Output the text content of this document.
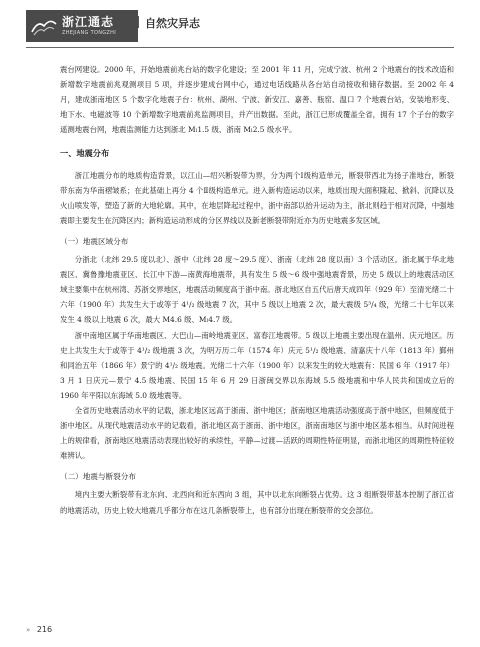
浙江通志
ZHEJIANG TONGZHI
自然灾异志

震台网建设。2000 年，开始地震前兆台站的数字化建设；至 2001 年 11 月，完成宁波、杭州 2 个地震台的技术改造和新增数字地震前兆观测项目 5 项，并逐步建成台网中心，通过电话线路从各台站自动接收和储存数据。至 2002 年 4 月，建成浙南地区 5 个数字化地震子台：杭州、湖州、宁波、新安江、嘉善、瓶窑、温口 7 个地震台站，安装地形变、地下水、电磁波等 10 个新增数字地震前兆监测项目，并产出数据。至此，浙江已形成覆盖全省，拥有 17 个子台的数字遥测地震台网，地震监测能力达到浙北 Mₗ1.5 级、浙南 Mₗ2.5 级水平。

一、地震分布

浙江地震分布的地质构造背景，以江山—绍兴断裂带为界，分为两个Ⅰ级构造单元，断裂带西北为扬子准地台，断裂带东南为华南褶皱系；在此基础上再分 4 个Ⅱ级构造单元。进入新构造运动以来，地质出现大面积隆起、掀斜、沉降以及火山喷发等，塑造了新的大地轮廓。其中，在地层降起过程中，浙中南部以抬升运动为主，浙北则趋于相对沉降，中强地震即主要发生在沉降区内；新构造运动形成的分区界线以及新老断裂带附近亦为历史地震多发区域。

（一）地震区域分布

分浙北（北纬 29.5 度以北）、浙中（北纬 28 度～29.5 度）、浙南（北纬 28 度以南）3 个活动区。浙北属于华北地震区、冀鲁豫地震亚区、长江中下游—南黄海地震带，具有发生 5 级～6 级中强地震背景，历史 5 级以上的地震活动区域主要集中在杭州湾、苏浙交界地区，地震活动频度高于浙中南。浙北地区自五代后唐天成四年（929 年）至清光绪二十六年（1900 年）共发生大于或等于 4¹/₂ 级地震 7 次，其中 5 级以上地震 2 次，最大震级 5³/₄ 级，光绪二十七年以来发生 4 级以上地震 6 次，最大 M4.6 级、Mₗ4.7 级。

浙中南地区属于华南地震区、大巴山—南岭地震亚区、富春江地震带。5 级以上地震主要出现在温州、庆元地区。历史上共发生大于或等于 4¹/₂ 级地震 3 次，为明万历二年（1574 年）庆元 5¹/₂ 级地震、清嘉庆十八年（1813 年）鄞州和同治五年（1866 年）景宁的 4¹/₂ 级地震。光绪二十六年（1900 年）以来发生的较大地震有：民国 6 年（1917 年）3 月 1 日庆元—景宁 4.5 级地震、民国 15 年 6 月 29 日浙闽交界以东海域 5.5 级地震和中华人民共和国成立后的 1960 年平阳以东海域 5.0 级地震等。

全省历史地震活动水平的记载，浙北地区远高于浙南、浙中地区；浙南地区地震活动强度高于浙中地区，但频度低于浙中地区。从现代地震活动水平的记载看，浙北地区高于浙南、浙中地区，浙南南地区与浙中地区基本相当。从时间进程上的规律看，浙南地区地震活动表现出较好的承续性，平静—过渡—活跃的周期性特征明显，而浙北地区的周期性特征较难辨认。

（二）地震与断裂分布

境内主要大断裂带有北东向、北西向和近东西向 3 组，其中以北东向断裂占优势。这 3 组断裂带基本控制了浙江省的地震活动，历史上较大地震几乎都分布在这几条断裂带上，也有部分出现在断裂带的交会部位。

» 216
